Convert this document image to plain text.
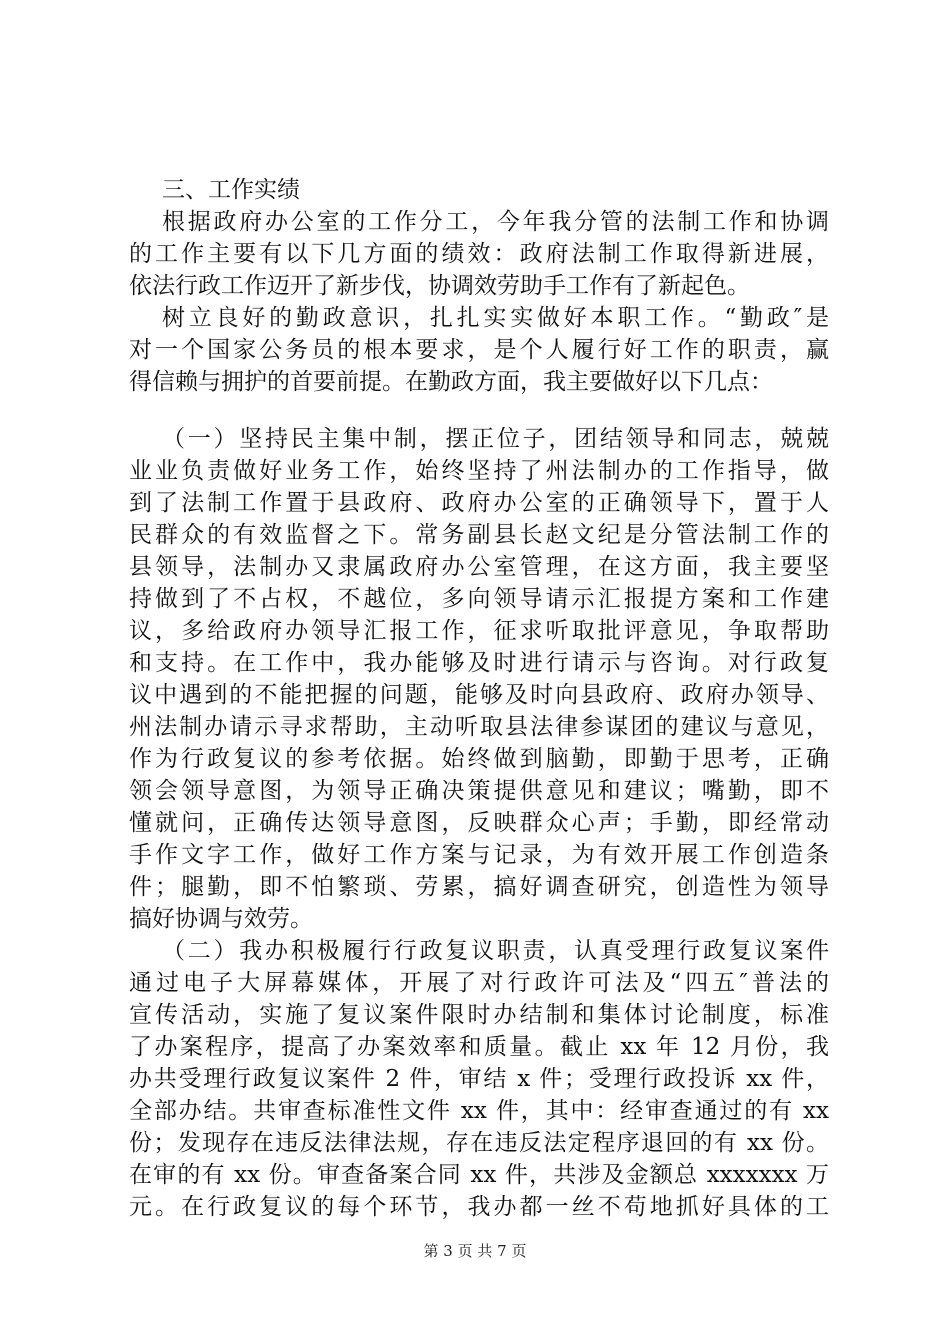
三、工作实绩
根据政府办公室的工作分工，今年我分管的法制工作和协调
的工作主要有以下几方面的绩效：政府法制工作取得新进展，
依法行政工作迈开了新步伐，协调效劳助手工作有了新起色。
树立良好的勤政意识，扎扎实实做好本职工作。“勤政″是
对一个国家公务员的根本要求，是个人履行好工作的职责，赢
得信赖与拥护的首要前提。在勤政方面，我主要做好以下几点：
（一）坚持民主集中制，摆正位子，团结领导和同志，兢兢
业业负责做好业务工作，始终坚持了州法制办的工作指导，做
到了法制工作置于县政府、政府办公室的正确领导下，置于人
民群众的有效监督之下。常务副县长赵文纪是分管法制工作的
县领导，法制办又隶属政府办公室管理，在这方面，我主要坚
持做到了不占权，不越位，多向领导请示汇报提方案和工作建
议，多给政府办领导汇报工作，征求听取批评意见，争取帮助
和支持。在工作中，我办能够及时进行请示与咨询。对行政复
议中遇到的不能把握的问题，能够及时向县政府、政府办领导、
州法制办请示寻求帮助，主动听取县法律参谋团的建议与意见，
作为行政复议的参考依据。始终做到脑勤，即勤于思考，正确
领会领导意图，为领导正确决策提供意见和建议；嘴勤，即不
懂就问，正确传达领导意图，反映群众心声；手勤，即经常动
手作文字工作，做好工作方案与记录，为有效开展工作创造条
件；腿勤，即不怕繁琐、劳累，搞好调查研究，创造性为领导
搞好协调与效劳。
（二）我办积极履行行政复议职责，认真受理行政复议案件
通过电子大屏幕媒体，开展了对行政许可法及“四五″普法的
宣传活动，实施了复议案件限时办结制和集体讨论制度，标准
了办案程序，提高了办案效率和质量。截止 xx 年 12 月份，我
办共受理行政复议案件 2 件，审结 x 件；受理行政投诉 xx 件，
全部办结。共审查标准性文件 xx 件，其中：经审查通过的有 xx
份；发现存在违反法律法规，存在违反法定程序退回的有 xx 份。
在审的有 xx 份。审查备案合同 xx 件，共涉及金额总 xxxxxxx 万
元。在行政复议的每个环节，我办都一丝不苟地抓好具体的工
第 3 页 共 7 页
